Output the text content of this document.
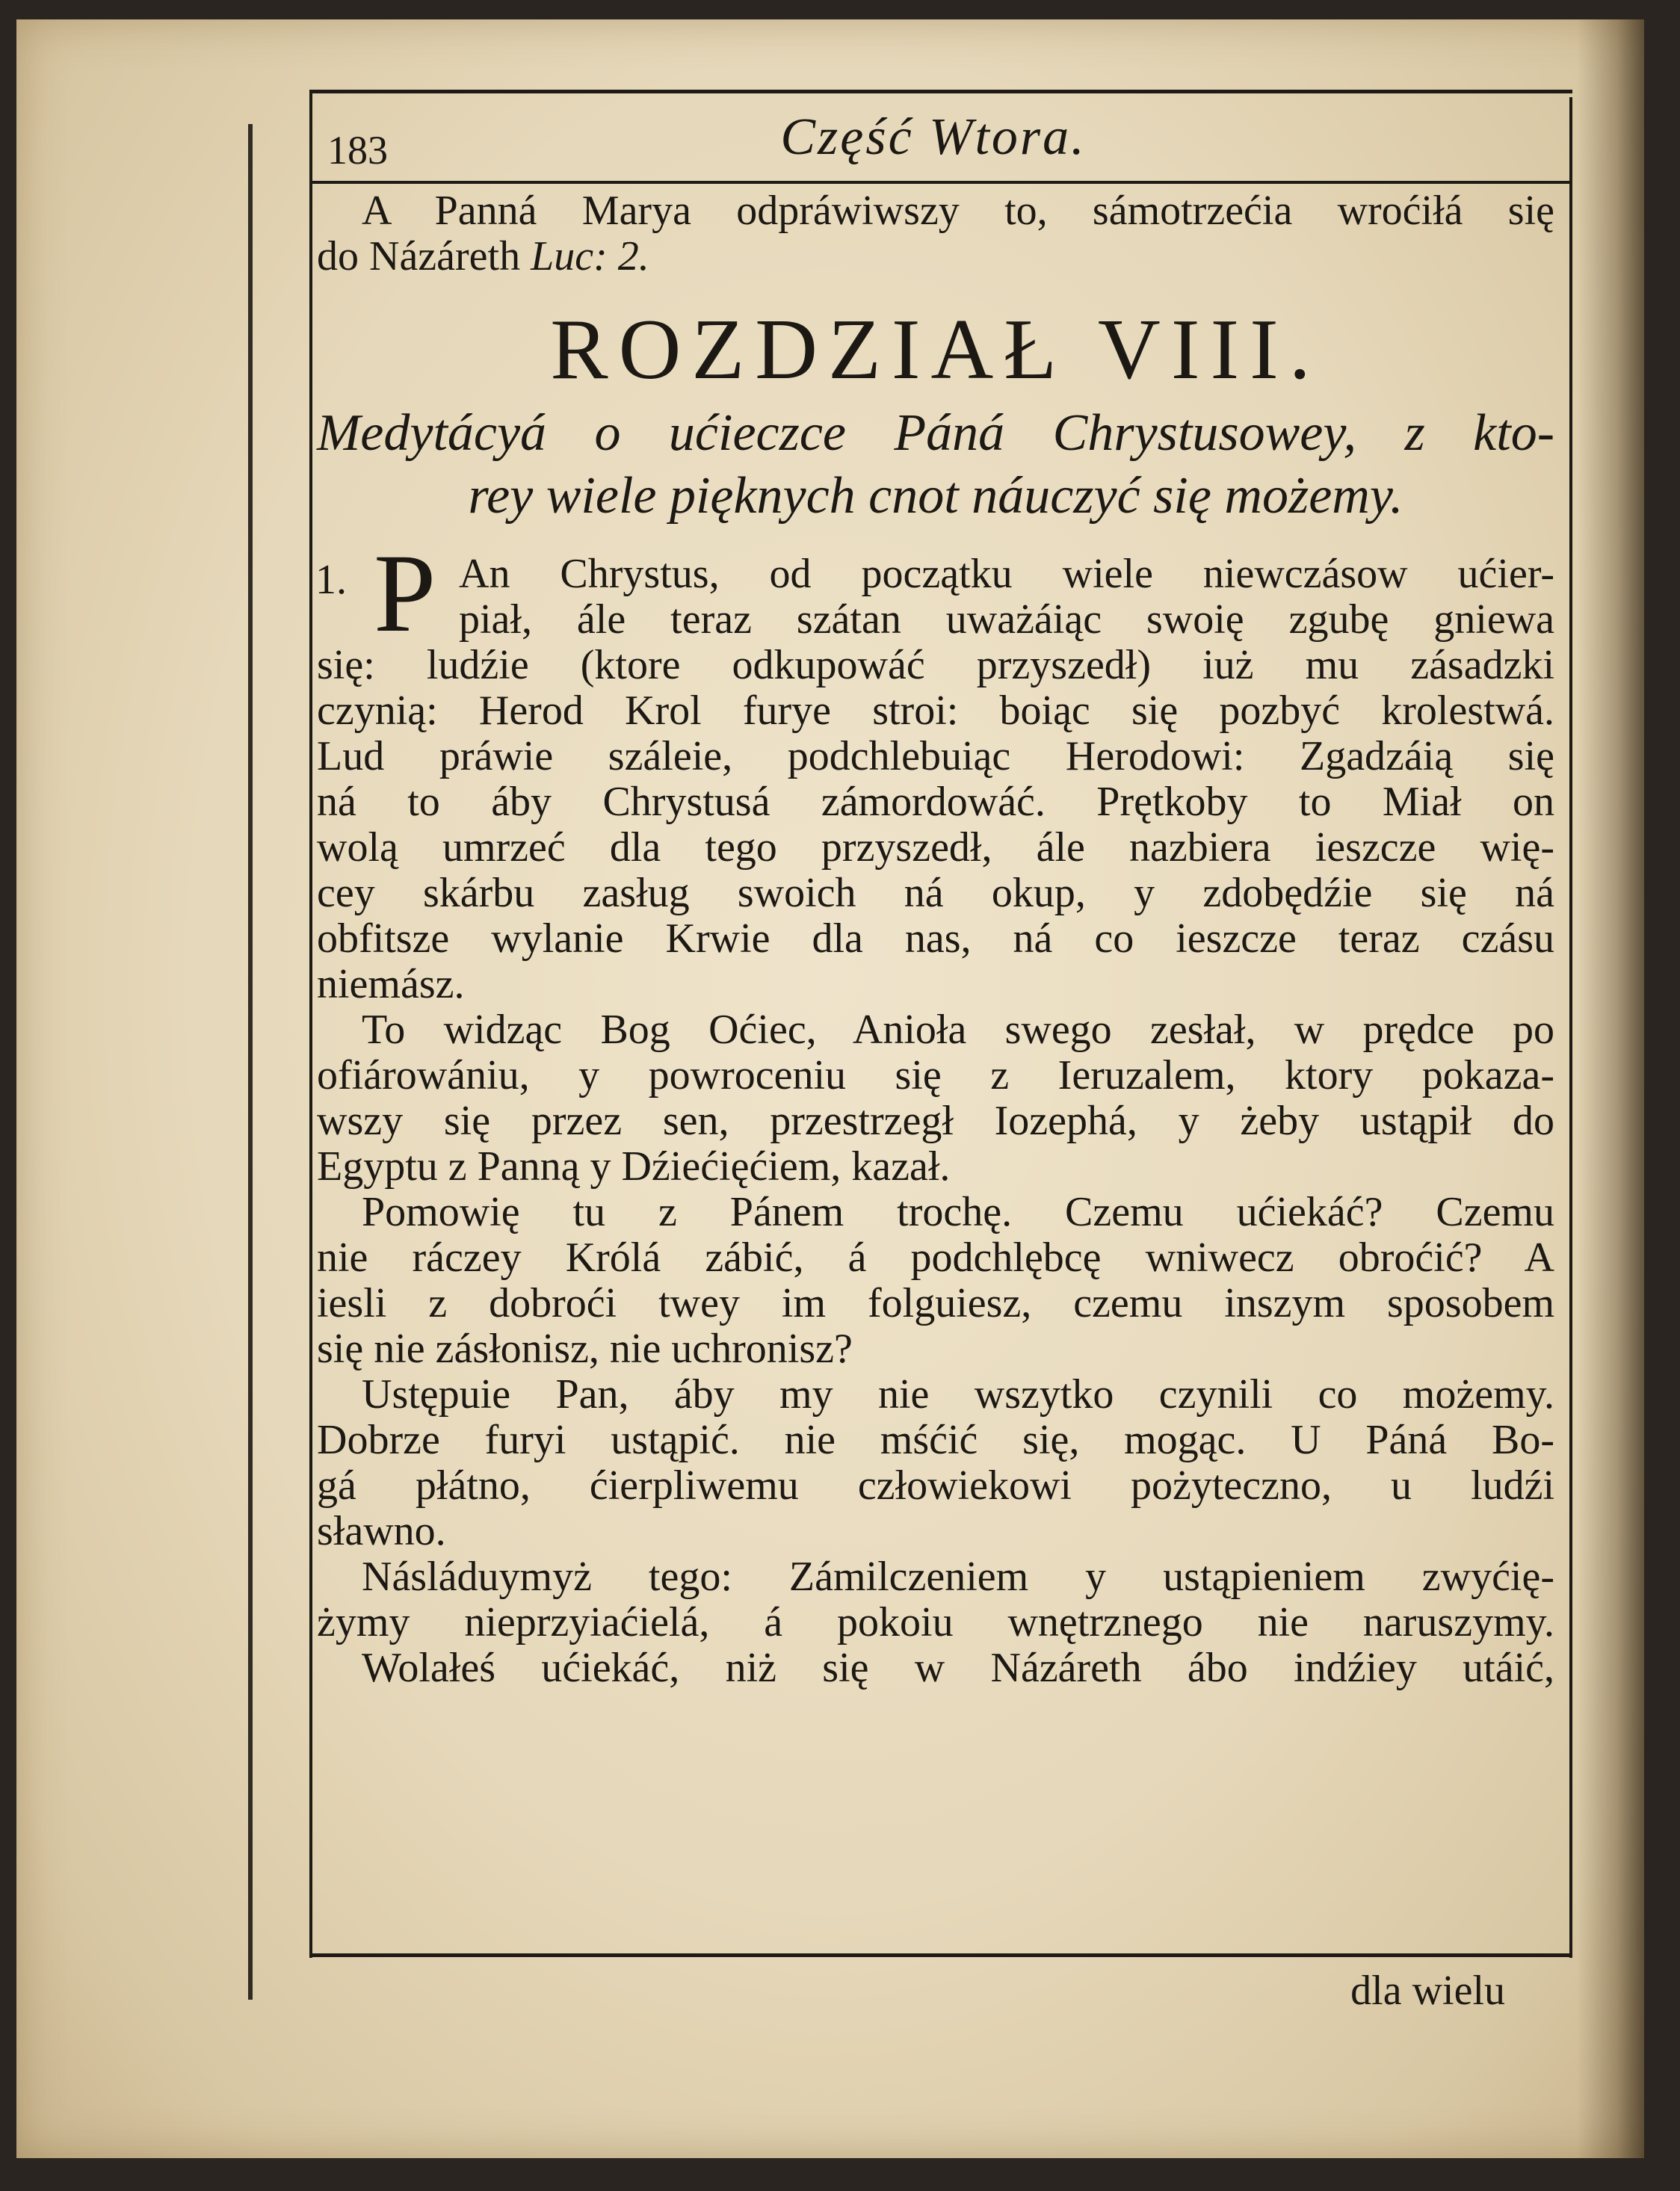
183	Część Wtora.
A Panná Marya odpráwiwszy to, sámotrzećia wroćiłá się
do Názáreth Luc: 2.
ROZDZIAŁ VIII.
Medytácyá o ućieczce Páná Chrystusowey, z kto-
rey wiele pięknych cnot náuczyć się możemy.
1. P An Chrystus, od początku wiele niewczásow ućier-
piał, ále teraz szátan uważáiąc swoię zgubę gniewa
się: ludźie (ktore odkupowáć przyszedł) iuż mu zásadzki
czynią: Herod Krol furye stroi: boiąc się pozbyć krolestwá.
Lud práwie száleie, podchlebuiąc Herodowi: Zgadzáią się
ná to áby Chrystusá zámordowáć. Prętkoby to Miał on
wolą umrzeć dla tego przyszedł, ále nazbiera ieszcze wię-
cey skárbu zasług swoich ná okup, y zdobędźie się ná
obfitsze wylanie Krwie dla nas, ná co ieszcze teraz czásu
niemász.
To widząc Bog Oćiec, Anioła swego zesłał, w prędce po
ofiárowániu, y powroceniu się z Ieruzalem, ktory pokaza-
wszy się przez sen, przestrzegł Iozephá, y żeby ustąpił do
Egyptu z Panną y Dźiećięćiem, kazał.
Pomowię tu z Pánem trochę. Czemu ućiekáć? Czemu
nie ráczey Królá zábić, á podchlębcę wniwecz obroćić? A
iesli z dobroći twey im folguiesz, czemu inszym sposobem
się nie zásłonisz, nie uchronisz?
Ustępuie Pan, áby my nie wszytko czynili co możemy.
Dobrze furyi ustąpić. nie mśćić się, mogąc. U Páná Bo-
gá płátno, ćierpliwemu człowiekowi pożyteczno, u ludźi
sławno.
Násláduymyż tego: Zámilczeniem y ustąpieniem zwyćię-
żymy nieprzyiaćielá, á pokoiu wnętrznego nie naruszymy.
Wolałeś ućiekáć, niż się w Názáreth ábo indźiey utáić,
dla wielu
